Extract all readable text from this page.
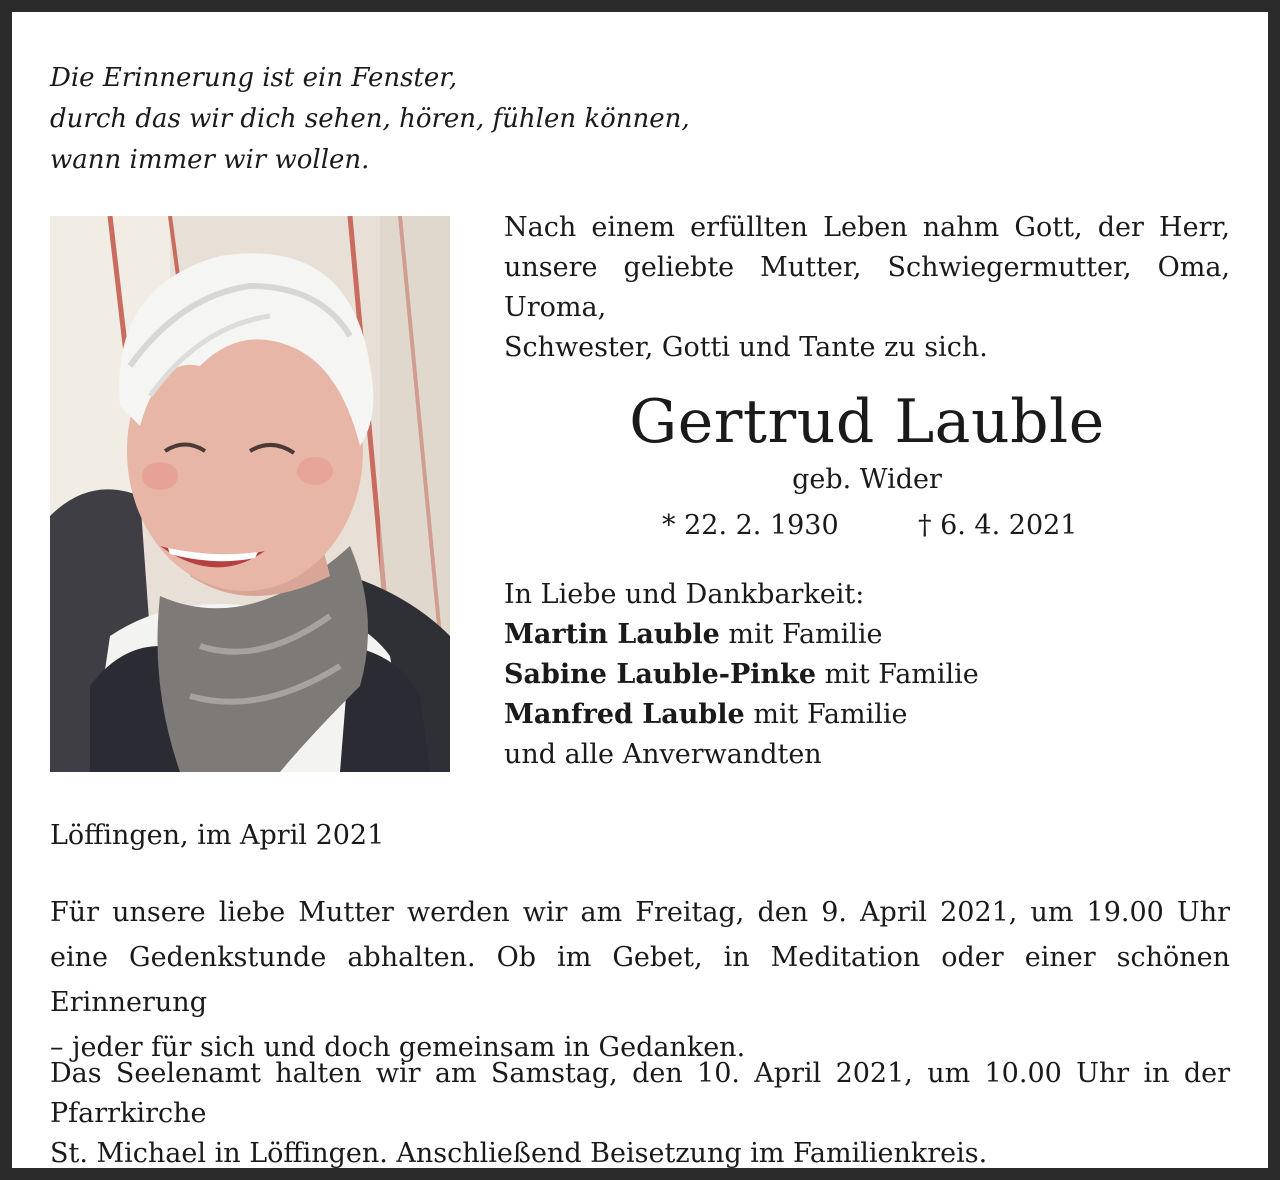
Die Erinnerung ist ein Fenster,
durch das wir dich sehen, hören, fühlen können,
wann immer wir wollen.
Nach einem erfüllten Leben nahm Gott, der Herr,
unsere geliebte Mutter, Schwiegermutter, Oma, Uroma,
Schwester, Gotti und Tante zu sich.
Gertrud Lauble
geb. Wider
* 22. 2. 1930	† 6. 4. 2021
In Liebe und Dankbarkeit:
Martin Lauble mit Familie
Sabine Lauble-Pinke mit Familie
Manfred Lauble mit Familie
und alle Anverwandten
Löffingen, im April 2021
Für unsere liebe Mutter werden wir am Freitag, den 9. April 2021, um 19.00 Uhr
eine Gedenkstunde abhalten. Ob im Gebet, in Meditation oder einer schönen Erinnerung
– jeder für sich und doch gemeinsam in Gedanken.
Das Seelenamt halten wir am Samstag, den 10. April 2021, um 10.00 Uhr in der Pfarrkirche
St. Michael in Löffingen. Anschließend Beisetzung im Familienkreis.
